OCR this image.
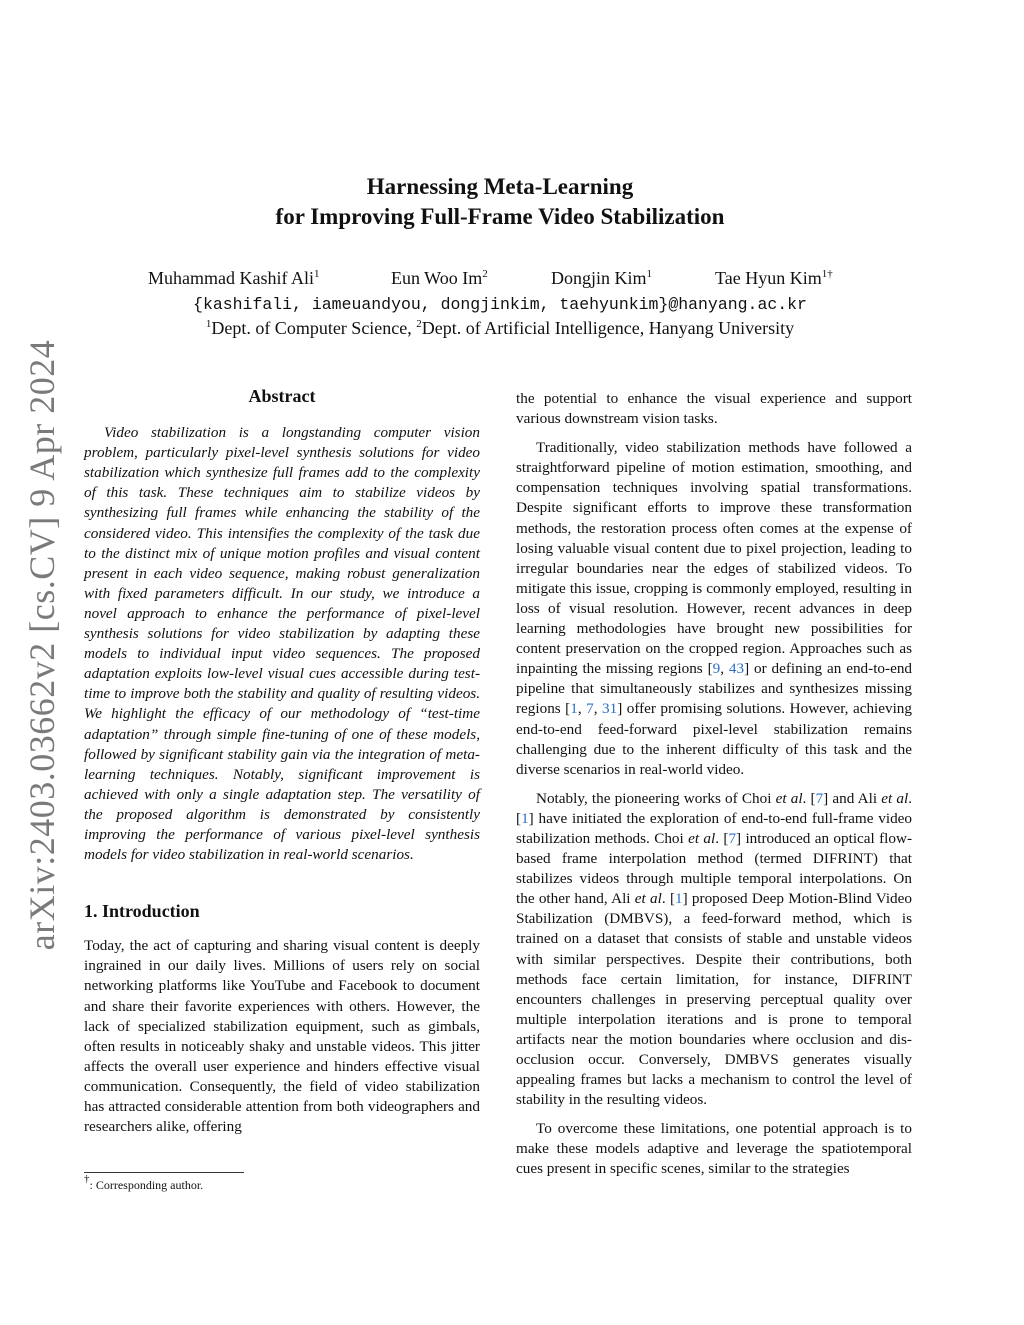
arXiv:2403.03662v2 [cs.CV] 9 Apr 2024
Harnessing Meta-Learning
for Improving Full-Frame Video Stabilization
Muhammad Kashif Ali$^1$	Eun Woo Im$^2$	Dongjin Kim$^1$	Tae Hyun Kim$^{1\dagger}$
{kashifali, iameuandyou, dongjinkim, taehyunkim}@hanyang.ac.kr
$^1$Dept. of Computer Science, $^2$Dept. of Artificial Intelligence, Hanyang University
Abstract

Video stabilization is a longstanding computer vision problem, particularly pixel-level synthesis solutions for video stabilization which synthesize full frames add to the complexity of this task. These techniques aim to stabilize videos by synthesizing full frames while enhancing the stability of the considered video. This intensifies the complexity of the task due to the distinct mix of unique motion profiles and visual content present in each video sequence, making robust generalization with fixed parameters difficult. In our study, we introduce a novel approach to enhance the performance of pixel-level synthesis solutions for video stabilization by adapting these models to individual input video sequences. The proposed adaptation exploits low-level visual cues accessible during test-time to improve both the stability and quality of resulting videos. We highlight the efficacy of our methodology of “test-time adaptation” through simple fine-tuning of one of these models, followed by significant stability gain via the integration of meta-learning techniques. Notably, significant improvement is achieved with only a single adaptation step. The versatility of the proposed algorithm is demonstrated by consistently improving the performance of various pixel-level synthesis models for video stabilization in real-world scenarios.

1. Introduction

Today, the act of capturing and sharing visual content is deeply ingrained in our daily lives. Millions of users rely on social networking platforms like YouTube and Facebook to document and share their favorite experiences with others. However, the lack of specialized stabilization equipment, such as gimbals, often results in noticeably shaky and unstable videos. This jitter affects the overall user experience and hinders effective visual communication. Consequently, the field of video stabilization has attracted considerable attention from both videographers and researchers alike, offering

the potential to enhance the visual experience and support various downstream vision tasks.

Traditionally, video stabilization methods have followed a straightforward pipeline of motion estimation, smoothing, and compensation techniques involving spatial transformations. Despite significant efforts to improve these transformation methods, the restoration process often comes at the expense of losing valuable visual content due to pixel projection, leading to irregular boundaries near the edges of stabilized videos. To mitigate this issue, cropping is commonly employed, resulting in loss of visual resolution. However, recent advances in deep learning methodologies have brought new possibilities for content preservation on the cropped region. Approaches such as inpainting the missing regions [9, 43] or defining an end-to-end pipeline that simultaneously stabilizes and synthesizes missing regions [1, 7, 31] offer promising solutions. However, achieving end-to-end feed-forward pixel-level stabilization remains challenging due to the inherent difficulty of this task and the diverse scenarios in real-world video.

Notably, the pioneering works of Choi et al. [7] and Ali et al. [1] have initiated the exploration of end-to-end full-frame video stabilization methods. Choi et al. [7] introduced an optical flow-based frame interpolation method (termed DIFRINT) that stabilizes videos through multiple temporal interpolations. On the other hand, Ali et al. [1] proposed Deep Motion-Blind Video Stabilization (DMBVS), a feed-forward method, which is trained on a dataset that consists of stable and unstable videos with similar perspectives. Despite their contributions, both methods face certain limitation, for instance, DIFRINT encounters challenges in preserving perceptual quality over multiple interpolation iterations and is prone to temporal artifacts near the motion boundaries where occlusion and dis-occlusion occur. Conversely, DMBVS generates visually appealing frames but lacks a mechanism to control the level of stability in the resulting videos.

To overcome these limitations, one potential approach is to make these models adaptive and leverage the spatiotemporal cues present in specific scenes, similar to the strategies

†: Corresponding author.
